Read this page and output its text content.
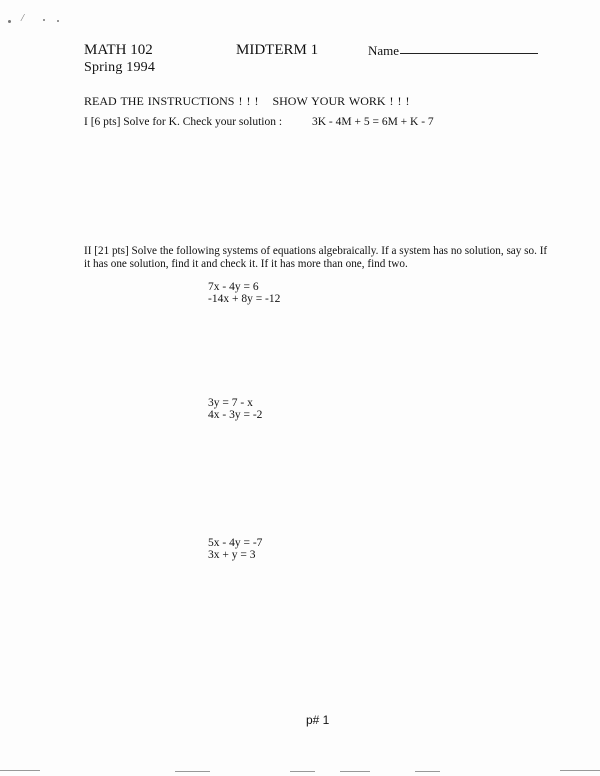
/
MATH 102
Spring 1994
MIDTERM 1	Name
READ THE INSTRUCTIONS ! ! ! SHOW YOUR WORK ! ! !
I [6 pts] Solve for K. Check your solution :	3K - 4M + 5 = 6M + K - 7
II [21 pts] Solve the following systems of equations algebraically. If a system has no solution, say so. If it has one solution, find it and check it. If it has more than one, find two.
7x - 4y = 6
-14x + 8y = -12
3y = 7 - x
4x - 3y = -2
5x - 4y = -7
3x + y = 3
p# 1
